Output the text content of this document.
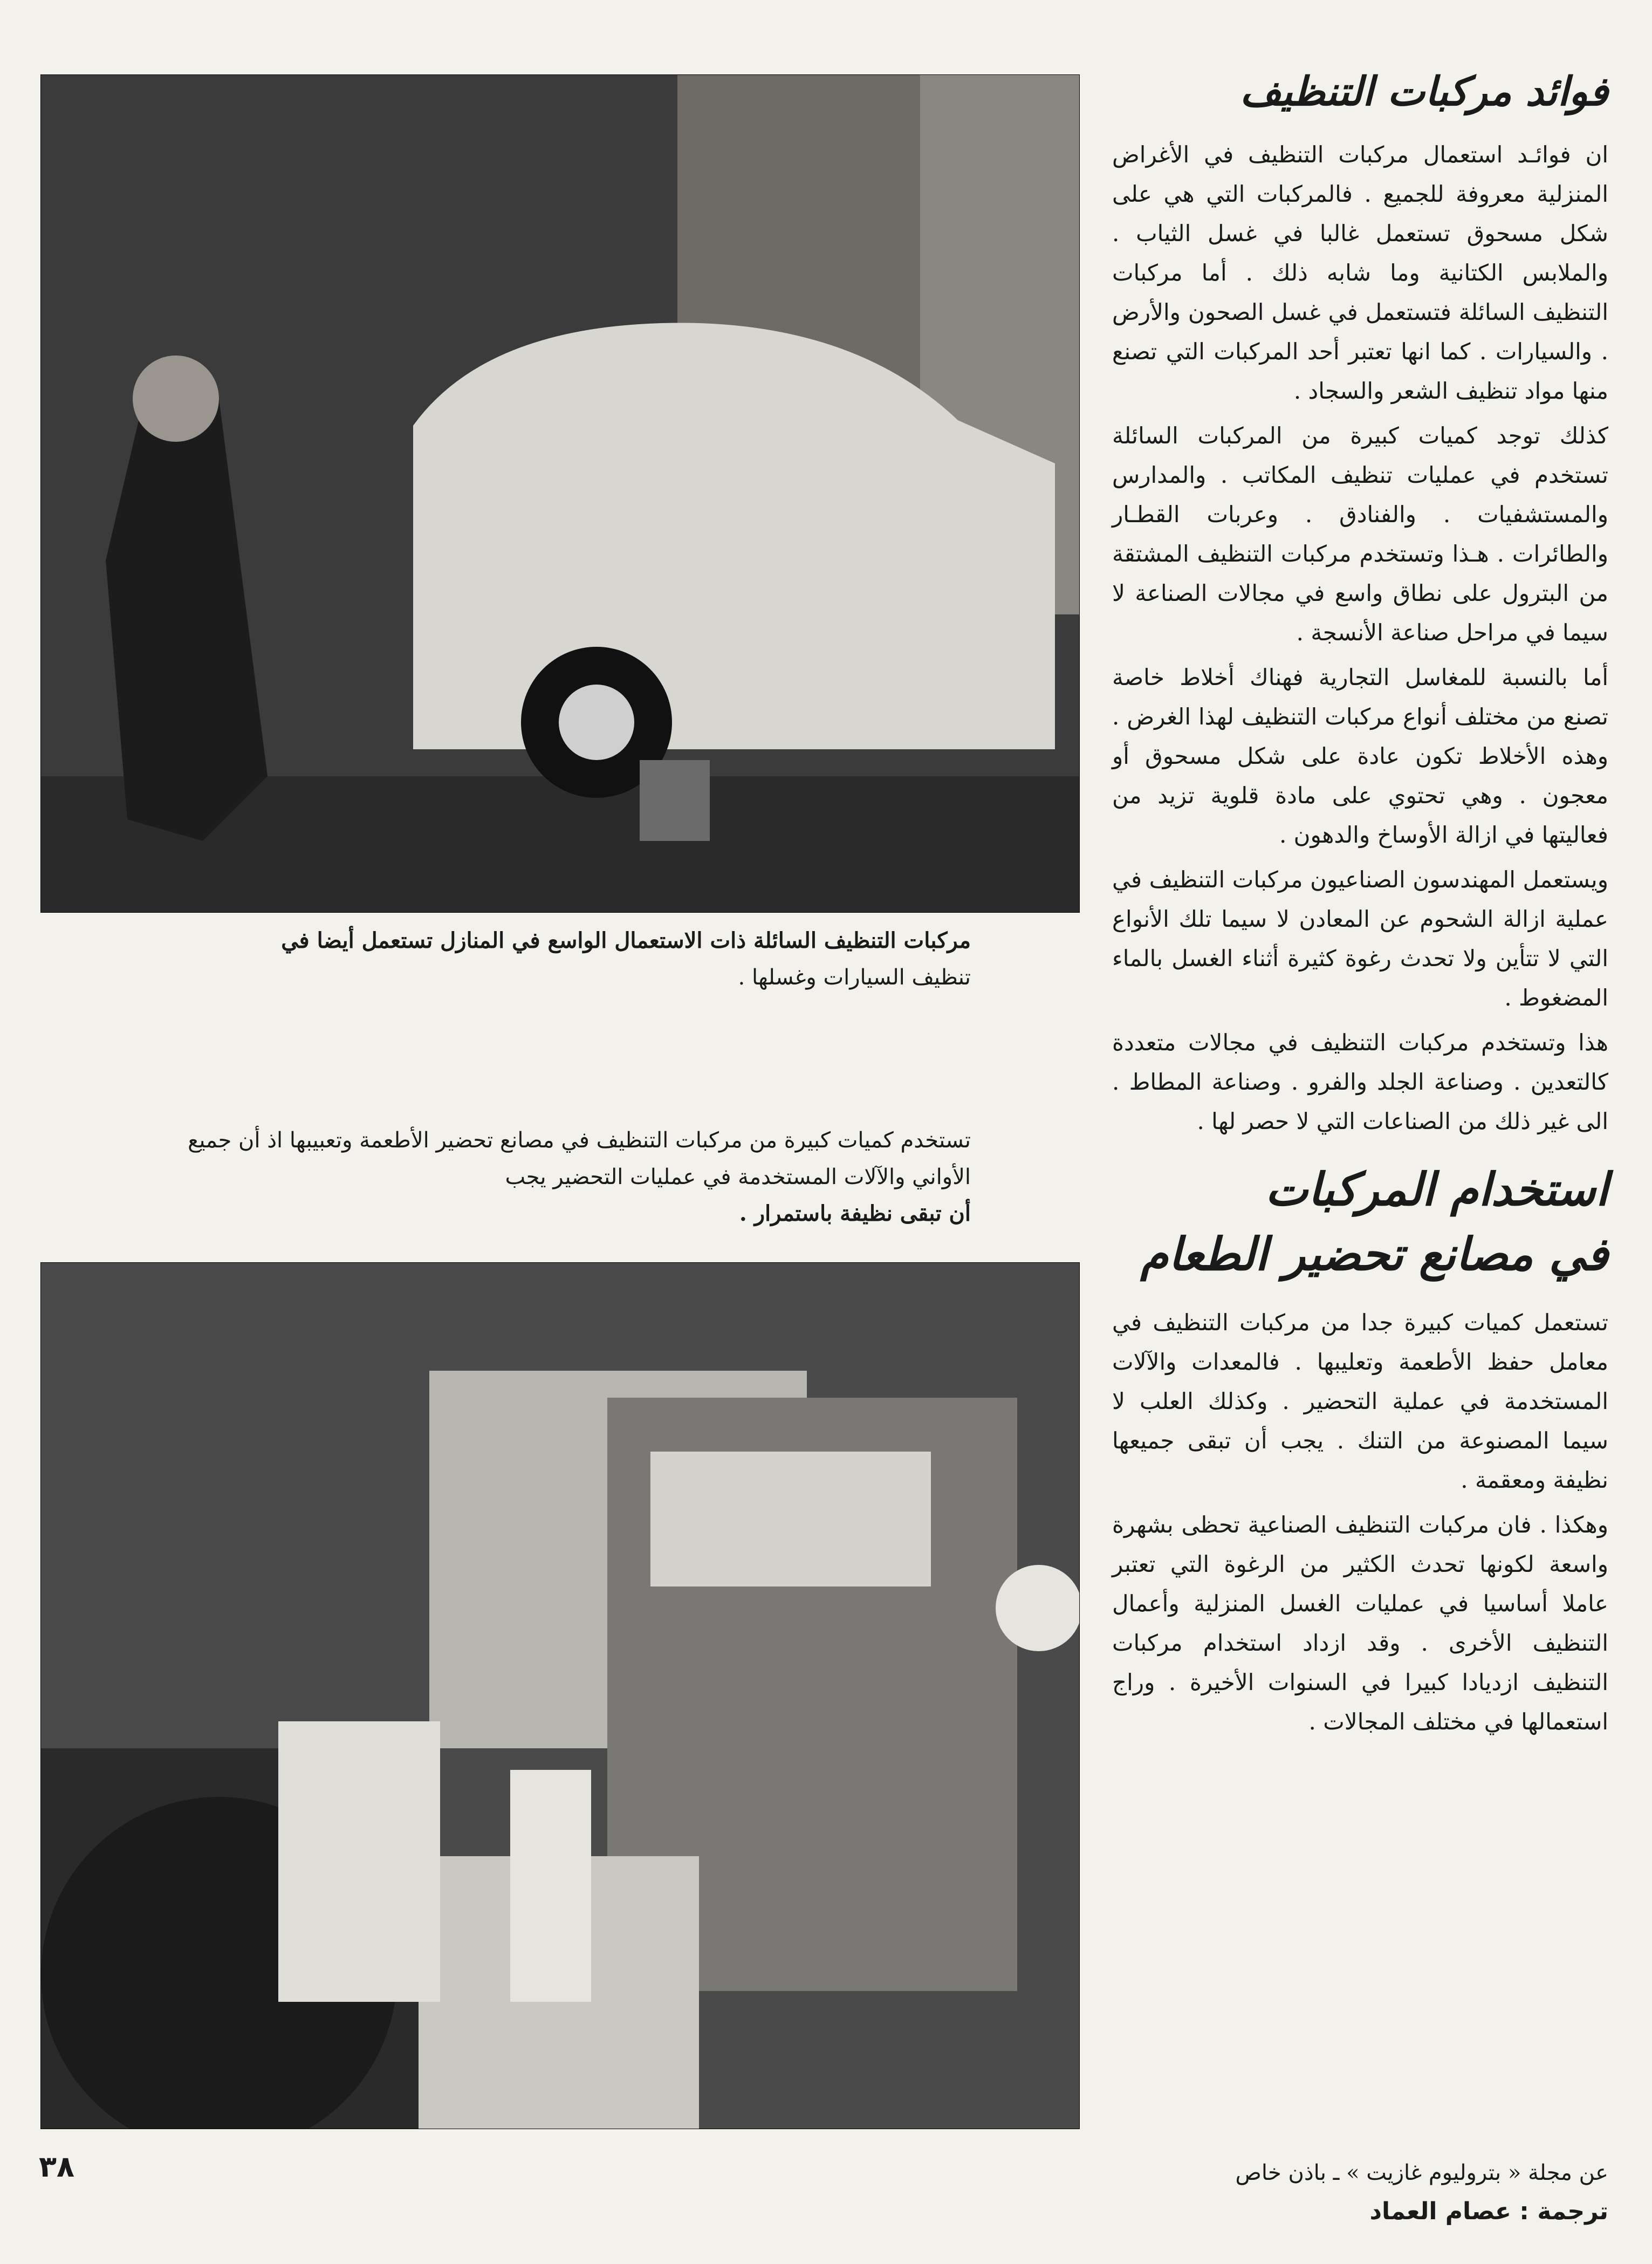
مركبات التنظيف السائلة ذات الاستعمال الواسع في المنازل تستعمل أيضا في
تنظيف السيارات وغسلها .
تستخدم كميات كبيرة من مركبات التنظيف في مصانع تحضير الأطعمة وتعبيبها اذ أن جميع الأواني والآلات المستخدمة في عمليات التحضير يجب
أن تبقى نظيفة باستمرار .
فوائد مركبات التنظيف

ان فوائـد استعمال مركبات التنظيف في الأغراض المنزلية معروفة للجميع . فالمركبات التي هي على شكل مسحوق تستعمل غالبا في غسل الثياب . والملابس الكتانية وما شابه ذلك . أما مركبات التنظيف السائلة فتستعمل في غسل الصحون والأرض . والسيارات . كما انها تعتبر أحد المركبات التي تصنع منها مواد تنظيف الشعر والسجاد .

كذلك توجد كميات كبيرة من المركبات السائلة تستخدم في عمليات تنظيف المكاتب . والمدارس والمستشفيات . والفنادق . وعربات القطـار والطائرات . هـذا وتستخدم مركبات التنظيف المشتقة من البترول على نطاق واسع في مجالات الصناعة لا سيما في مراحل صناعة الأنسجة .

أما بالنسبة للمغاسل التجارية فهناك أخلاط خاصة تصنع من مختلف أنواع مركبات التنظيف لهذا الغرض . وهذه الأخلاط تكون عادة على شكل مسحوق أو معجون . وهي تحتوي على مادة قلوية تزيد من فعاليتها في ازالة الأوساخ والدهون .

ويستعمل المهندسون الصناعيون مركبات التنظيف في عملية ازالة الشحوم عن المعادن لا سيما تلك الأنواع التي لا تتأين ولا تحدث رغوة كثيرة أثناء الغسل بالماء المضغوط .

هذا وتستخدم مركبات التنظيف في مجالات متعددة كالتعدين . وصناعة الجلد والفرو . وصناعة المطاط . الى غير ذلك من الصناعات التي لا حصر لها .

استخدام المركبات
في مصانع تحضير الطعام

تستعمل كميات كبيرة جدا من مركبات التنظيف في معامل حفظ الأطعمة وتعليبها . فالمعدات والآلات المستخدمة في عملية التحضير . وكذلك العلب لا سيما المصنوعة من التنك . يجب أن تبقى جميعها نظيفة ومعقمة .

وهكذا . فان مركبات التنظيف الصناعية تحظى بشهرة واسعة لكونها تحدث الكثير من الرغوة التي تعتبر عاملا أساسيا في عمليات الغسل المنزلية وأعمال التنظيف الأخرى . وقد ازداد استخدام مركبات التنظيف ازديادا كبيرا في السنوات الأخيرة . وراج استعمالها في مختلف المجالات .

عن مجلة « بتروليوم غازيت » ـ باذن خاص
ترجمة : عصام العماد
٣٨
